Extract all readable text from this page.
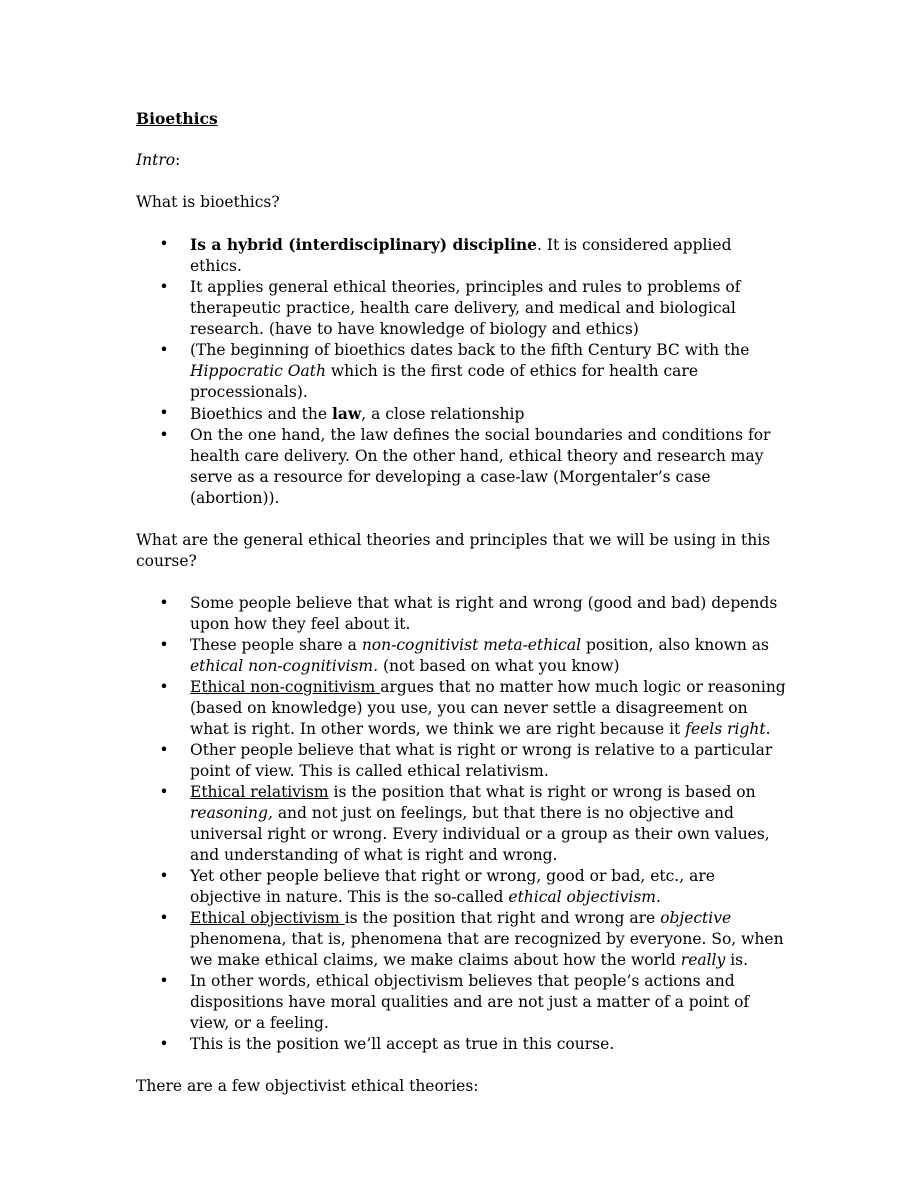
Bioethics

Intro:

What is bioethics?

• Is a hybrid (interdisciplinary) discipline. It is considered applied ethics.
• It applies general ethical theories, principles and rules to problems of therapeutic practice, health care delivery, and medical and biological research. (have to have knowledge of biology and ethics)
• (The beginning of bioethics dates back to the fifth Century BC with the Hippocratic Oath which is the first code of ethics for health care processionals).
• Bioethics and the law, a close relationship
• On the one hand, the law defines the social boundaries and conditions for health care delivery. On the other hand, ethical theory and research may serve as a resource for developing a case-law (Morgentaler’s case (abortion)).

What are the general ethical theories and principles that we will be using in this course?

• Some people believe that what is right and wrong (good and bad) depends upon how they feel about it.
• These people share a non-cognitivist meta-ethical position, also known as ethical non-cognitivism. (not based on what you know)
• Ethical non-cognitivism argues that no matter how much logic or reasoning (based on knowledge) you use, you can never settle a disagreement on what is right. In other words, we think we are right because it feels right.
• Other people believe that what is right or wrong is relative to a particular point of view. This is called ethical relativism.
• Ethical relativism is the position that what is right or wrong is based on reasoning, and not just on feelings, but that there is no objective and universal right or wrong. Every individual or a group as their own values, and understanding of what is right and wrong.
• Yet other people believe that right or wrong, good or bad, etc., are objective in nature. This is the so-called ethical objectivism.
• Ethical objectivism is the position that right and wrong are objective phenomena, that is, phenomena that are recognized by everyone. So, when we make ethical claims, we make claims about how the world really is.
• In other words, ethical objectivism believes that people’s actions and dispositions have moral qualities and are not just a matter of a point of view, or a feeling.
• This is the position we’ll accept as true in this course.

There are a few objectivist ethical theories:
